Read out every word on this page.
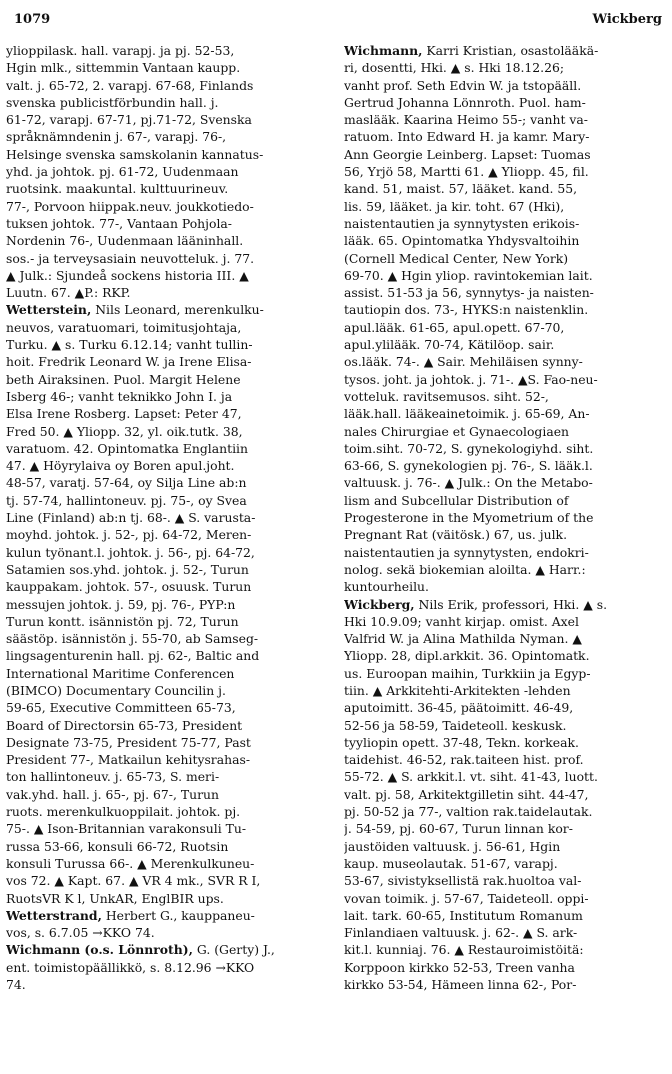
1079	Wickberg
ylioppilask. hall. varapj. ja pj. 52-53,
Hgin mlk., sittemmin Vantaan kaupp.
valt. j. 65-72, 2. varapj. 67-68, Finlands
svenska publicistförbundin hall. j.
61-72, varapj. 67-71, pj.71-72, Svenska
språknämndenin j. 67-, varapj. 76-,
Helsinge svenska samskolanin kannatus-
yhd. ja johtok. pj. 61-72, Uudenmaan
ruotsink. maakuntal. kulttuurineuv.
77-, Porvoon hiippak.neuv. joukkotiedo-
tuksen johtok. 77-, Vantaan Pohjola-
Nordenin 76-, Uudenmaan lääninhall.
sos.- ja terveysasiain neuvotteluk. j. 77.
▲ Julk.: Sjundeå sockens historia III. ▲
Luutn. 67. ▲P.: RKP.
Wetterstein, Nils Leonard, merenkulku-
neuvos, varatuomari, toimitusjohtaja,
Turku. ▲ s. Turku 6.12.14; vanht tullin-
hoit. Fredrik Leonard W. ja Irene Elisa-
beth Airaksinen. Puol. Margit Helene
Isberg 46-; vanht teknikko John I. ja
Elsa Irene Rosberg. Lapset: Peter 47,
Fred 50. ▲ Yliopp. 32, yl. oik.tutk. 38,
varatuom. 42. Opintomatka Englantiin
47. ▲ Höyrylaiva oy Boren apul.joht.
48-57, varatj. 57-64, oy Silja Line ab:n
tj. 57-74, hallintoneuv. pj. 75-, oy Svea
Line (Finland) ab:n tj. 68-. ▲ S. varusta-
moyhd. johtok. j. 52-, pj. 64-72, Meren-
kulun työnant.l. johtok. j. 56-, pj. 64-72,
Satamien sos.yhd. johtok. j. 52-, Turun
kauppakam. johtok. 57-, osuusk. Turun
messujen johtok. j. 59, pj. 76-, PYP:n
Turun kontt. isännistön pj. 72, Turun
säästöp. isännistön j. 55-70, ab Samseg-
lingsagenturenin hall. pj. 62-, Baltic and
International Maritime Conferencen
(BIMCO) Documentary Councilin j.
59-65, Executive Committeen 65-73,
Board of Directorsin 65-73, President
Designate 73-75, President 75-77, Past
President 77-, Matkailun kehitysrahas-
ton hallintoneuv. j. 65-73, S. meri-
vak.yhd. hall. j. 65-, pj. 67-, Turun
ruots. merenkulkuoppilait. johtok. pj.
75-. ▲ Ison-Britannian varakonsuli Tu-
russa 53-66, konsuli 66-72, Ruotsin
konsuli Turussa 66-. ▲ Merenkulkuneu-
vos 72. ▲ Kapt. 67. ▲ VR 4 mk., SVR R I,
RuotsVR K l, UnkAR, EnglBIR ups.
Wetterstrand, Herbert G., kauppaneu-
vos, s. 6.7.05 →KKO 74.
Wichmann (o.s. Lönnroth), G. (Gerty) J.,
ent. toimistopäällikkö, s. 8.12.96 →KKO
74.
Wichmann, Karri Kristian, osastolääkä-
ri, dosentti, Hki. ▲ s. Hki 18.12.26;
vanht prof. Seth Edvin W. ja tstopääll.
Gertrud Johanna Lönnroth. Puol. ham-
maslääk. Kaarina Heimo 55-; vanht va-
ratuom. Into Edward H. ja kamr. Mary-
Ann Georgie Leinberg. Lapset: Tuomas
56, Yrjö 58, Martti 61. ▲ Yliopp. 45, fil.
kand. 51, maist. 57, lääket. kand. 55,
lis. 59, lääket. ja kir. toht. 67 (Hki),
naistentautien ja synnytysten erikois-
lääk. 65. Opintomatka Yhdysvaltoihin
(Cornell Medical Center, New York)
69-70. ▲ Hgin yliop. ravintokemian lait.
assist. 51-53 ja 56, synnytys- ja naisten-
tautiopin dos. 73-, HYKS:n naistenklin.
apul.lääk. 61-65, apul.opett. 67-70,
apul.ylilääk. 70-74, Kätilöop. sair.
os.lääk. 74-. ▲ Sair. Mehiläisen synny-
tysos. joht. ja johtok. j. 71-. ▲S. Fao-neu-
votteluk. ravitsemusos. siht. 52-,
lääk.hall. lääkeainetoimik. j. 65-69, An-
nales Chirurgiae et Gynaecologiaen
toim.siht. 70-72, S. gynekologiyhd. siht.
63-66, S. gynekologien pj. 76-, S. lääk.l.
valtuusk. j. 76-. ▲ Julk.: On the Metabo-
lism and Subcellular Distribution of
Progesterone in the Myometrium of the
Pregnant Rat (väitösk.) 67, us. julk.
naistentautien ja synnytysten, endokri-
nolog. sekä biokemian aloilta. ▲ Harr.:
kuntourheilu.
Wickberg, Nils Erik, professori, Hki. ▲ s.
Hki 10.9.09; vanht kirjap. omist. Axel
Valfrid W. ja Alina Mathilda Nyman. ▲
Yliopp. 28, dipl.arkkit. 36. Opintomatk.
us. Euroopan maihin, Turkkiin ja Egyp-
tiin. ▲ Arkkitehti-Arkitekten -lehden
aputoimitt. 36-45, päätoimitt. 46-49,
52-56 ja 58-59, Taideteoll. keskusk.
tyyliopin opett. 37-48, Tekn. korkeak.
taidehist. 46-52, rak.taiteen hist. prof.
55-72. ▲ S. arkkit.l. vt. siht. 41-43, luott.
valt. pj. 58, Arkitektgilletin siht. 44-47,
pj. 50-52 ja 77-, valtion rak.taidelautak.
j. 54-59, pj. 60-67, Turun linnan kor-
jaustöiden valtuusk. j. 56-61, Hgin
kaup. museolautak. 51-67, varapj.
53-67, sivistyksellistä rak.huoltoa val-
vovan toimik. j. 57-67, Taideteoll. oppi-
lait. tark. 60-65, Institutum Romanum
Finlandiaen valtuusk. j. 62-. ▲ S. ark-
kit.l. kunniaj. 76. ▲ Restauroimistöitä:
Korppoon kirkko 52-53, Treen vanha
kirkko 53-54, Hämeen linna 62-, Por-
